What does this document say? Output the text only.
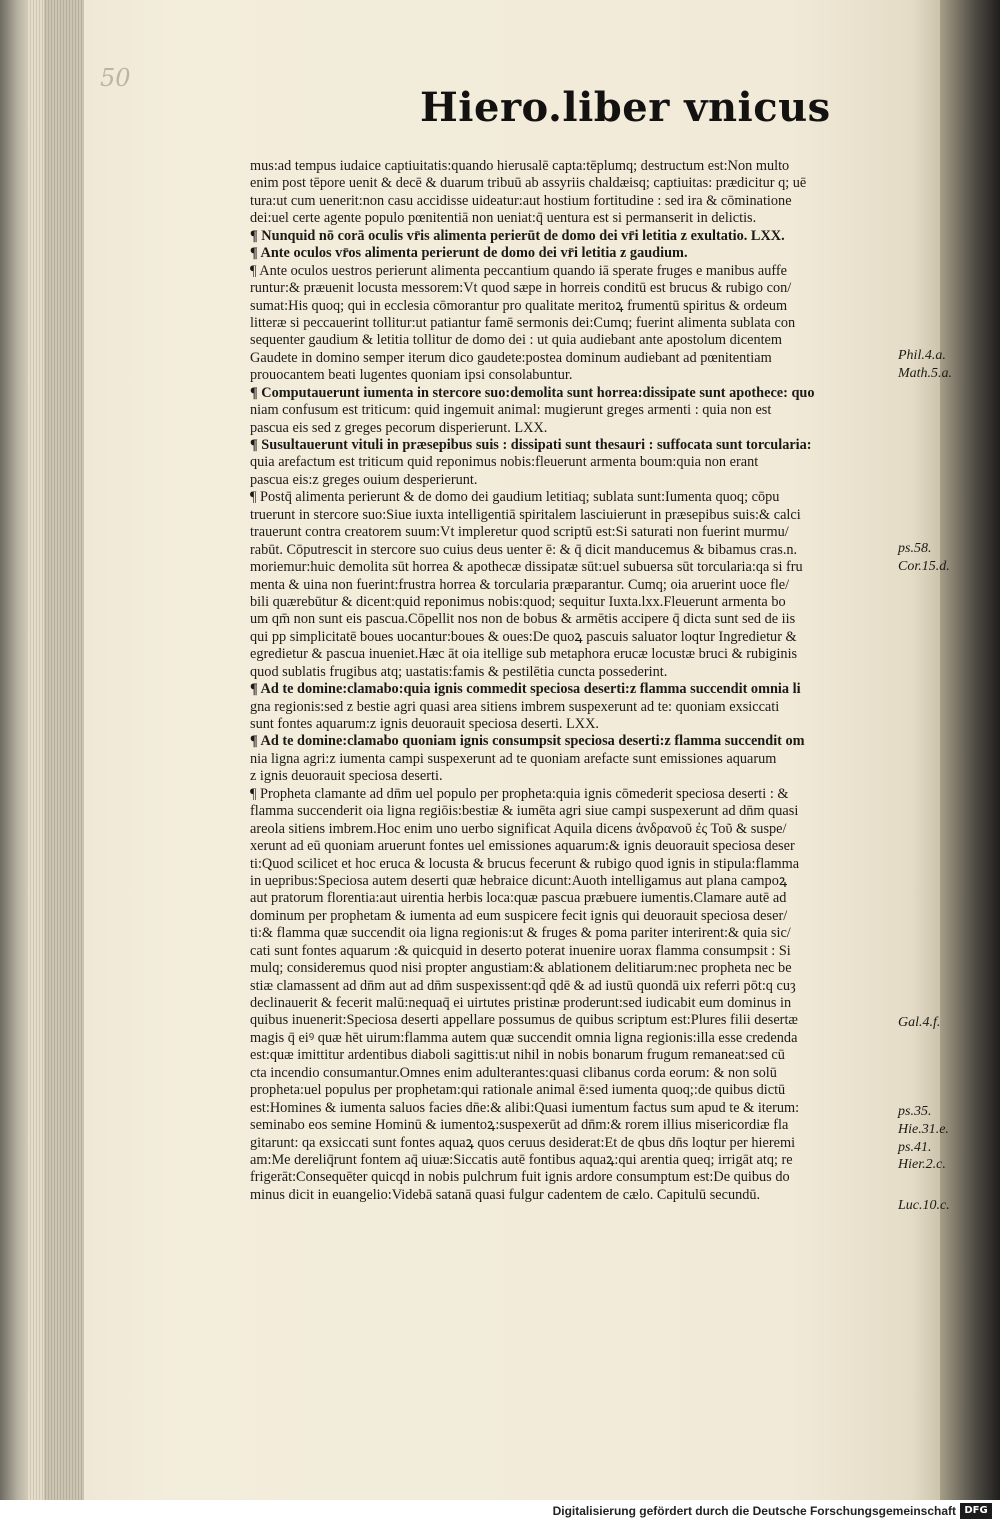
50
Hiero.liber vnicus
mus:ad tempus iudaice captiuitatis:quando hierusalē capta:tēplumq; destructum est:Non multo
enim post tēpore uenit & decē & duarum tribuū ab assyriis chaldæisq; captiuitas: prædicitur q; uē
tura:ut cum uenerit:non casu accidisse uideatur:aut hostium fortitudine : sed ira & cōminatione
dei:uel certe agente populo pœnitentiā non ueniat:q̄ uentura est si permanserit in delictis.
¶ Nunquid nō corā oculis vr̄is alimenta perierūt de domo dei vr̄i letitia z exultatio. LXX.
¶ Ante oculos vr̄os alimenta perierunt de domo dei vr̄i letitia z gaudium.
¶ Ante oculos uestros perierunt alimenta peccantium quando iā sperate fruges e manibus auffe
runtur:& præuenit locusta messorem:Vt quod sæpe in horreis conditū est brucus & rubigo con/
sumat:His quoq; qui in ecclesia cōmorantur pro qualitate meritoꝝ frumentū spiritus & ordeum
litteræ si peccauerint tollitur:ut patiantur famē sermonis dei:Cumq; fuerint alimenta sublata con
sequenter gaudium & letitia tollitur de domo dei : ut quia audiebant ante apostolum dicentem
Gaudete in domino semper iterum dico gaudete:postea dominum audiebant ad pœnitentiam
prouocantem beati lugentes quoniam ipsi consolabuntur.
¶ Computauerunt iumenta in stercore suo:demolita sunt horrea:dissipate sunt apothece: quo
niam confusum est triticum: quid ingemuit animal: mugierunt greges armenti : quia non est
pascua eis sed z greges pecorum disperierunt. LXX.
¶ Susultauerunt vituli in præsepibus suis : dissipati sunt thesauri : suffocata sunt torcularia:
quia arefactum est triticum quid reponimus nobis:fleuerunt armenta boum:quia non erant
pascua eis:z greges ouium desperierunt.
¶ Postq̄ alimenta perierunt & de domo dei gaudium letitiaq; sublata sunt:Iumenta quoq; cōpu
truerunt in stercore suo:Siue iuxta intelligentiā spiritalem lasciuierunt in præsepibus suis:& calci
trauerunt contra creatorem suum:Vt impleretur quod scriptū est:Si saturati non fuerint murmu/
rabūt. Cōputrescit in stercore suo cuius deus uenter ē: & q̄ dicit manducemus & bibamus cras.n.
moriemur:huic demolita sūt horrea & apothecæ dissipatæ sūt:uel subuersa sūt torcularia:qa si fru
menta & uina non fuerint:frustra horrea & torcularia præparantur. Cumq; oia aruerint uoce fle/
bili quærebūtur & dicent:quid reponimus nobis:quod; sequitur Iuxta.lxx.Fleuerunt armenta bo
um qm̄ non sunt eis pascua.Cōpellit nos non de bobus & armētis accipere q̄ dicta sunt sed de iis
qui pp simplicitatē boues uocantur:boues & oues:De quoꝝ pascuis saluator loqtur Ingredietur &
egredietur & pascua inueniet.Hæc āt oia itellige sub metaphora erucæ locustæ bruci & rubiginis
quod sublatis frugibus atq; uastatis:famis & pestilētia cuncta possederint.
¶ Ad te domine:clamabo:quia ignis commedit speciosa deserti:z flamma succendit omnia li
gna regionis:sed z bestie agri quasi area sitiens imbrem suspexerunt ad te: quoniam exsiccati
sunt fontes aquarum:z ignis deuorauit speciosa deserti. LXX.
¶ Ad te domine:clamabo quoniam ignis consumpsit speciosa deserti:z flamma succendit om
nia ligna agri:z iumenta campi suspexerunt ad te quoniam arefacte sunt emissiones aquarum
z ignis deuorauit speciosa deserti.
¶ Propheta clamante ad dn̄m uel populo per propheta:quia ignis cōmederit speciosa deserti : &
flamma succenderit oia ligna regiōis:bestiæ & iumēta agri siue campi suspexerunt ad dn̄m quasi
areola sitiens imbrem.Hoc enim uno uerbo significat Aquila dicens ἀνδρανοῦ ἐς Τοῦ & suspe/
xerunt ad eū quoniam aruerunt fontes uel emissiones aquarum:& ignis deuorauit speciosa deser
ti:Quod scilicet et hoc eruca & locusta & brucus fecerunt & rubigo quod ignis in stipula:flamma
in uepribus:Speciosa autem deserti quæ hebraice dicunt:Auoth intelligamus aut plana campoꝝ
aut pratorum florentia:aut uirentia herbis loca:quæ pascua præbuere iumentis.Clamare autē ad
dominum per prophetam & iumenta ad eum suspicere fecit ignis qui deuorauit speciosa deser/
ti:& flamma quæ succendit oia ligna regionis:ut & fruges & poma pariter interirent:& quia sic/
cati sunt fontes aquarum :& quicquid in deserto poterat inuenire uorax flamma consumpsit : Si
mulq; consideremus quod nisi propter angustiam:& ablationem delitiarum:nec propheta nec be
stiæ clamassent ad dn̄m aut ad dn̄m suspexissent:qd̄ qdē & ad iustū quondā uix referri pōt:q cuȝ
declinauerit & fecerit malū:nequaq̄ ei uirtutes pristinæ proderunt:sed iudicabit eum dominus in
quibus inuenerit:Speciosa deserti appellare possumus de quibus scriptum est:Plures filii desertæ
magis q̄ eiꝰ quæ hēt uirum:flamma autem quæ succendit omnia ligna regionis:illa esse credenda
est:quæ imittitur ardentibus diaboli sagittis:ut nihil in nobis bonarum frugum remaneat:sed cū
cta incendio consumantur.Omnes enim adulterantes:quasi clibanus corda eorum: & non solū
propheta:uel populus per prophetam:qui rationale animal ē:sed iumenta quoq;:de quibus dictū
est:Homines & iumenta saluos facies dn̄e:& alibi:Quasi iumentum factus sum apud te & iterum:
seminabo eos semine Hominū & iumentoꝝ:suspexerūt ad dn̄m:& rorem illius misericordiæ fla
gitarunt: qa exsiccati sunt fontes aquaꝝ quos ceruus desiderat:Et de qbus dn̄s loqtur per hieremi
am:Me dereliq̄runt fontem aq̄ uiuæ:Siccatis autē fontibus aquaꝝ:qui arentia queq; irrigāt atq; re
frigerāt:Consequēter quicqd in nobis pulchrum fuit ignis ardore consumptum est:De quibus do
minus dicit in euangelio:Videbā satanā quasi fulgur cadentem de cælo. Capitulū secundū.
Phil.4.a.
Math.5.a.
ps.58.
Cor.15.d.
Gal.4.f.
ps.35.
Hie.31.e.
ps.41.
Hier.2.c.
Luc.10.c.
Digitalisierung gefördert durch die Deutsche Forschungsgemeinschaft DFG
